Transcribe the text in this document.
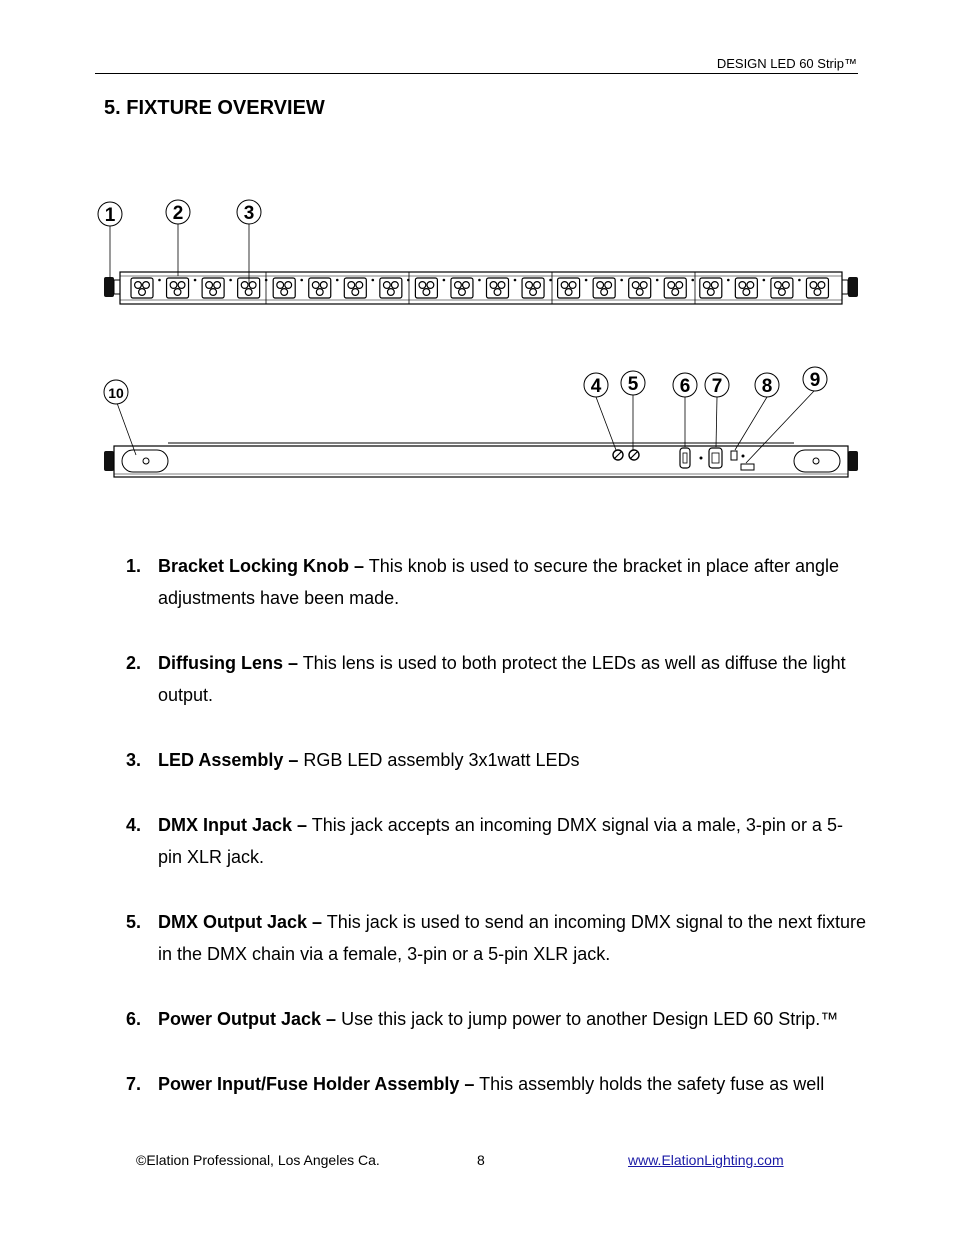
DESIGN LED 60 Strip™
5. FIXTURE OVERVIEW
1	2	3
4 5 6 7 8 9
10
1. Bracket Locking Knob – This knob is used to secure the bracket in place after angle adjustments have been made.
2. Diffusing Lens – This lens is used to both protect the LEDs as well as diffuse the light output.
3. LED Assembly – RGB LED assembly 3x1watt LEDs
4. DMX Input Jack – This jack accepts an incoming DMX signal via a male, 3-pin or a 5-pin XLR jack.
5. DMX Output Jack – This jack is used to send an incoming DMX signal to the next fixture in the DMX chain via a female, 3-pin or a 5-pin XLR jack.
6. Power Output Jack – Use this jack to jump power to another Design LED 60 Strip.™
7. Power Input/Fuse Holder Assembly – This assembly holds the safety fuse as well
©Elation Professional, Los Angeles Ca.	8	www.ElationLighting.com
